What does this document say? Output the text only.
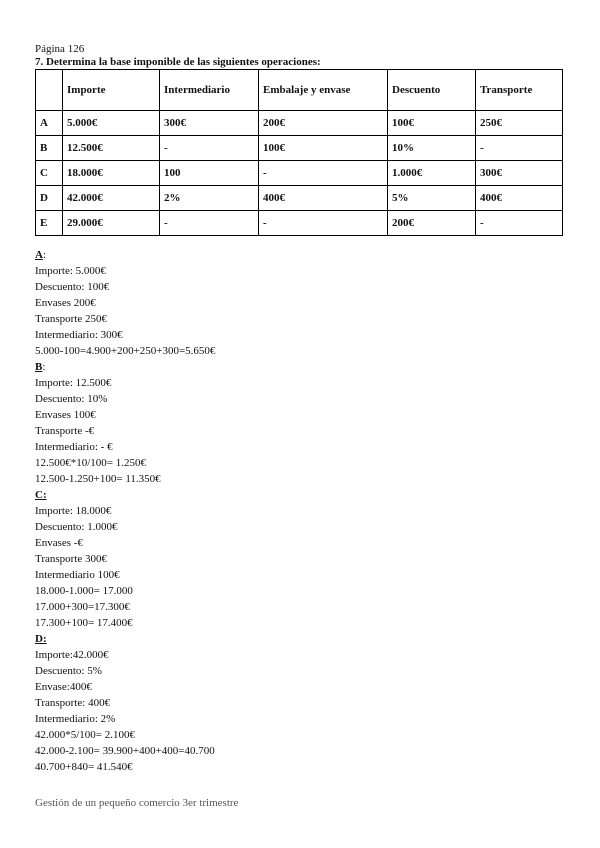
Página 126
7. Determina la base imponible de las siguientes operaciones:
	Importe	Intermediario	Embalaje y envase	Descuento	Transporte
A	5.000€	300€	200€	100€	250€
B	12.500€	-	100€	10%	-
C	18.000€	100	-	1.000€	300€
D	42.000€	2%	400€	5%	400€
E	29.000€	-	-	200€	-
A:
Importe: 5.000€
Descuento: 100€
Envases 200€
Transporte 250€
Intermediario: 300€
5.000-100=4.900+200+250+300=5.650€
B:
Importe: 12.500€
Descuento: 10%
Envases 100€
Transporte -€
Intermediario: - €
12.500€*10/100= 1.250€
12.500-1.250+100= 11.350€
C:
Importe: 18.000€
Descuento: 1.000€
Envases -€
Transporte 300€
Intermediario 100€
18.000-1.000= 17.000
17.000+300=17.300€
17.300+100= 17.400€
D:
Importe:42.000€
Descuento: 5%
Envase:400€
Transporte: 400€
Intermediario: 2%
42.000*5/100= 2.100€
42.000-2.100= 39.900+400+400=40.700
40.700+840= 41.540€
Gestión de un pequeño comercio 3er trimestre
